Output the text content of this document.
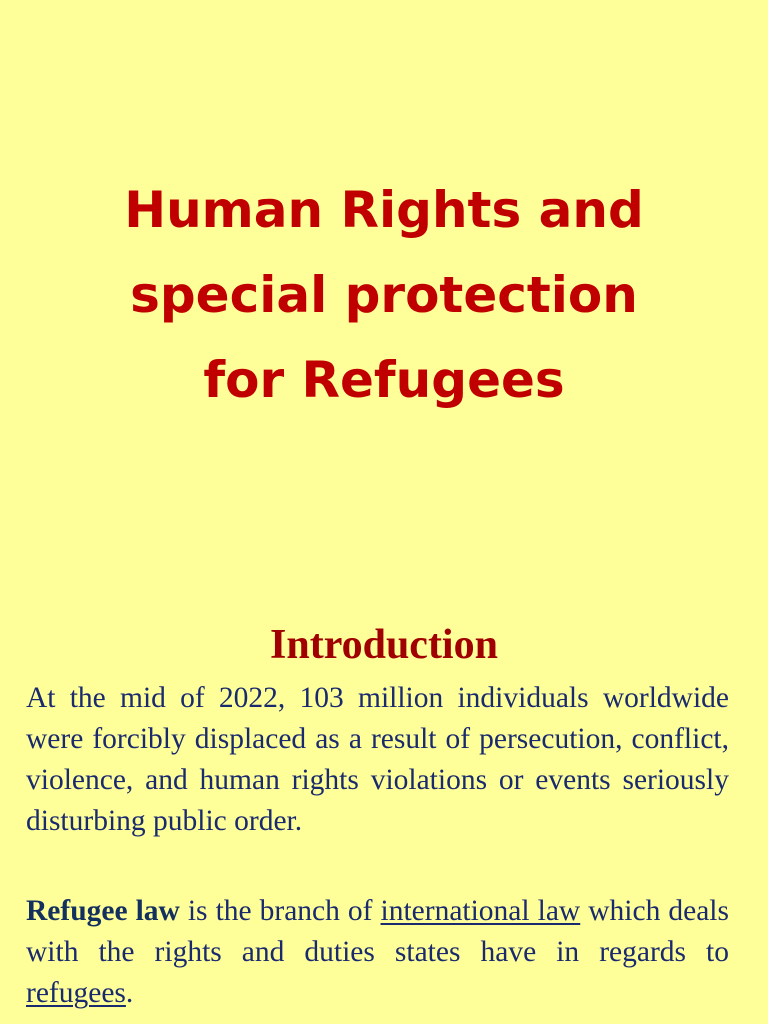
Human Rights and
special protection
for Refugees
Introduction

At the mid of 2022, 103 million individuals worldwide were forcibly displaced as a result of persecution, conflict, violence, and human rights violations or events seriously disturbing public order.

Refugee law is the branch of international law which deals with the rights and duties states have in regards to refugees.
